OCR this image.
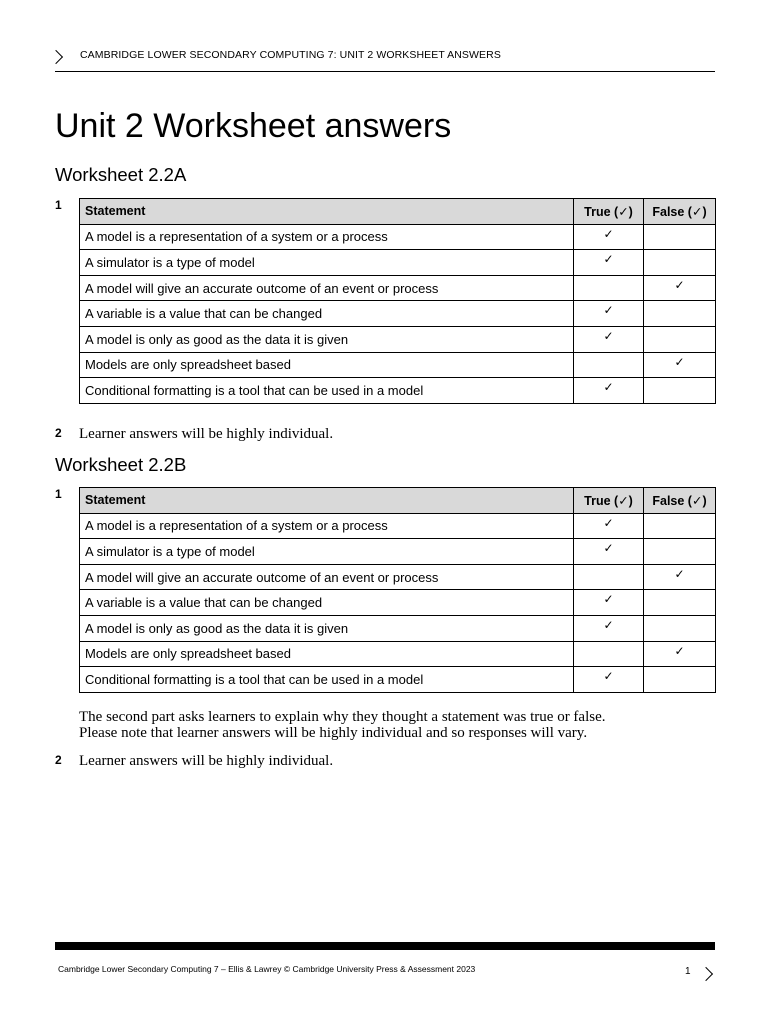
CAMBRIDGE LOWER SECONDARY COMPUTING 7: UNIT 2 WORKSHEET ANSWERS
Unit 2 Worksheet answers
Worksheet 2.2A
1 Statement	True (✓)	False (✓)
A model is a representation of a system or a process	✓	
A simulator is a type of model	✓	
A model will give an accurate outcome of an event or process		✓
A variable is a value that can be changed	✓	
A model is only as good as the data it is given	✓	
Models are only spreadsheet based		✓
Conditional formatting is a tool that can be used in a model	✓	
2 Learner answers will be highly individual.
Worksheet 2.2B
1 Statement	True (✓)	False (✓)
A model is a representation of a system or a process	✓	
A simulator is a type of model	✓	
A model will give an accurate outcome of an event or process		✓
A variable is a value that can be changed	✓	
A model is only as good as the data it is given	✓	
Models are only spreadsheet based		✓
Conditional formatting is a tool that can be used in a model	✓	
The second part asks learners to explain why they thought a statement was true or false.
Please note that learner answers will be highly individual and so responses will vary.
2 Learner answers will be highly individual.
Cambridge Lower Secondary Computing 7 – Ellis & Lawrey © Cambridge University Press & Assessment 2023	1
